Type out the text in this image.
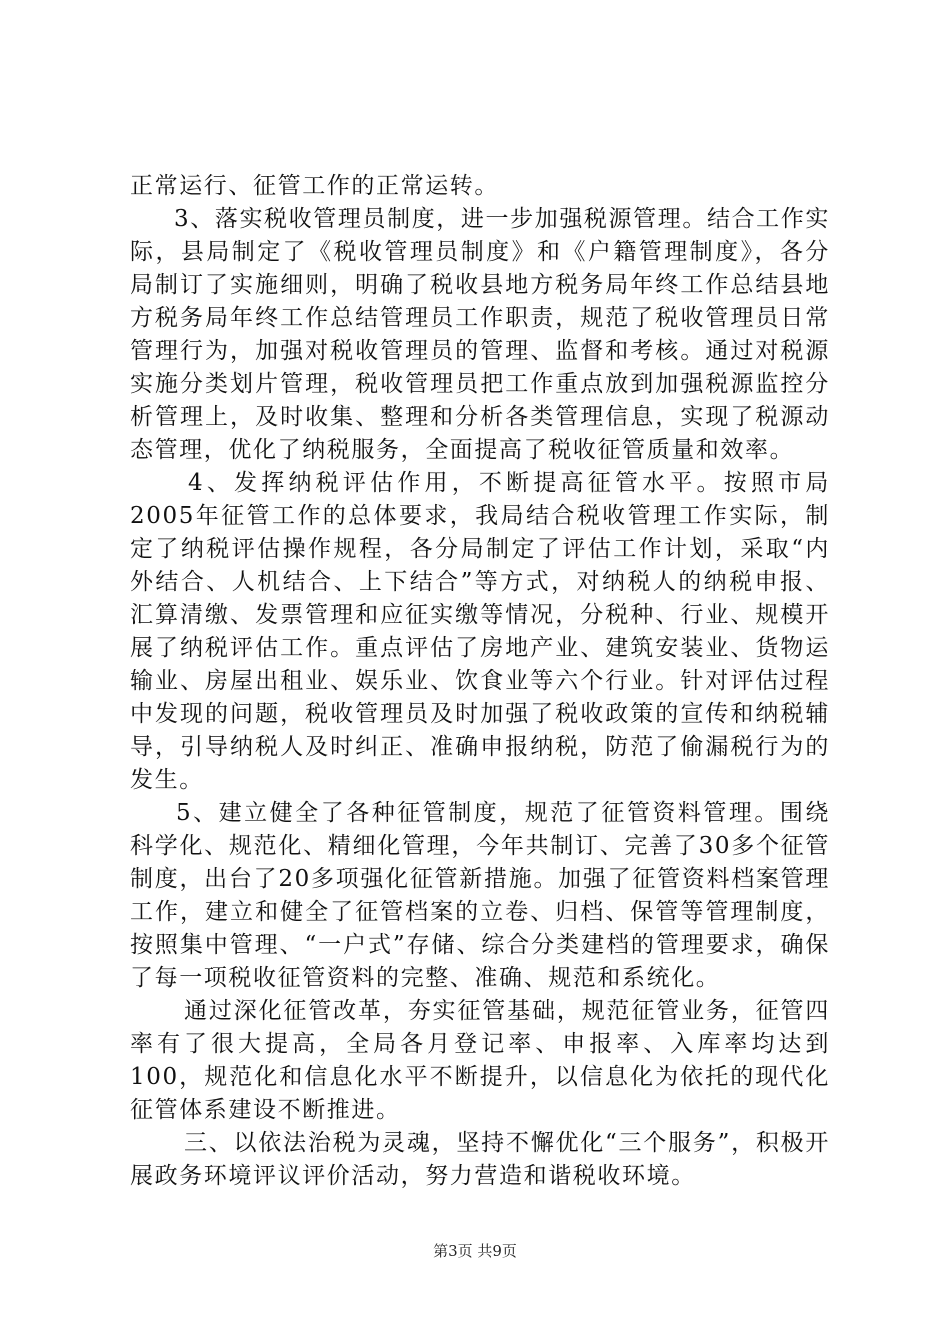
正常运行、征管工作的正常运转。

3、落实税收管理员制度，进一步加强税源管理。结合工作实际，县局制定了《税收管理员制度》和《户籍管理制度》，各分局制订了实施细则，明确了税收县地方税务局年终工作总结县地方税务局年终工作总结管理员工作职责，规范了税收管理员日常管理行为，加强对税收管理员的管理、监督和考核。通过对税源实施分类划片管理，税收管理员把工作重点放到加强税源监控分析管理上，及时收集、整理和分析各类管理信息，实现了税源动态管理，优化了纳税服务，全面提高了税收征管质量和效率。

4、发挥纳税评估作用，不断提高征管水平。按照市局2005年征管工作的总体要求，我局结合税收管理工作实际，制定了纳税评估操作规程，各分局制定了评估工作计划，采取“内外结合、人机结合、上下结合”等方式，对纳税人的纳税申报、汇算清缴、发票管理和应征实缴等情况，分税种、行业、规模开展了纳税评估工作。重点评估了房地产业、建筑安装业、货物运输业、房屋出租业、娱乐业、饮食业等六个行业。针对评估过程中发现的问题，税收管理员及时加强了税收政策的宣传和纳税辅导，引导纳税人及时纠正、准确申报纳税，防范了偷漏税行为的发生。

5、建立健全了各种征管制度，规范了征管资料管理。围绕科学化、规范化、精细化管理，今年共制订、完善了30多个征管制度，出台了20多项强化征管新措施。加强了征管资料档案管理工作，建立和健全了征管档案的立卷、归档、保管等管理制度，按照集中管理、“一户式”存储、综合分类建档的管理要求，确保了每一项税收征管资料的完整、准确、规范和系统化。

通过深化征管改革，夯实征管基础，规范征管业务，征管四率有了很大提高，全局各月登记率、申报率、入库率均达到100，规范化和信息化水平不断提升，以信息化为依托的现代化征管体系建设不断推进。

三、以依法治税为灵魂，坚持不懈优化“三个服务”，积极开展政务环境评议评价活动，努力营造和谐税收环境。

第3页 共9页
